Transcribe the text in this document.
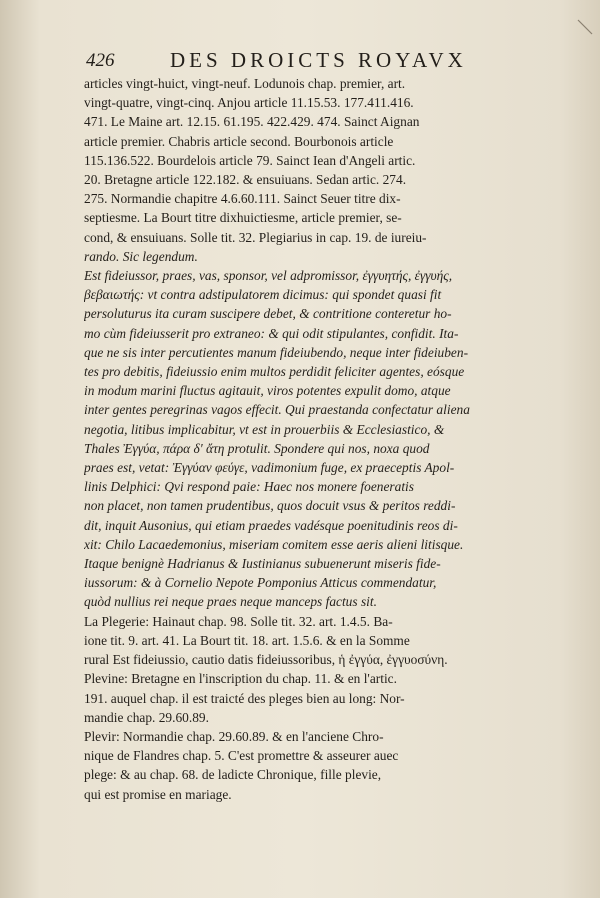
426	DES DROICTS ROYAVX
articles vingt-huict, vingt-neuf. Lodunois chap. premier, art.
vingt-quatre, vingt-cinq. Anjou article 11.15.53. 177.411.416.
471. Le Maine art. 12.15. 61.195. 422.429. 474. Sainct Aignan
article premier. Chabris article second. Bourbonois article
115.136.522. Bourdelois article 79. Sainct Iean d'Angeli artic.
20. Bretagne article 122.182. & ensuiuans. Sedan artic. 274.
275. Normandie chapitre 4.6.60.111. Sainct Seuer titre dix-
septiesme. La Bourt titre dixhuictiesme, article premier, se-
cond, & ensuiuans. Solle tit. 32. Plegiarius in cap. 19. de iureiu-
rando. Sic legendum.
Est fideiussor, praes, vas, sponsor, vel adpromissor, ἐγγυητής, ἐγγυής,
βεβαιωτής: vt contra adstipulatorem dicimus: qui spondet quasi fit
persoluturus ita curam suscipere debet, & contritione conteretur ho-
mo cùm fideiusserit pro extraneo: & qui odit stipulantes, confidit. Ita-
que ne sis inter percutientes manum fideiubendo, neque inter fideiuben-
tes pro debitis, fideiussio enim multos perdidit feliciter agentes, eósque
in modum marini fluctus agitauit, viros potentes expulit domo, atque
inter gentes peregrinas vagos effecit. Qui praestanda confectatur aliena
negotia, litibus implicabitur, vt est in prouerbiis & Ecclesiastico, &
Thales Ἐγγύα, πάρα δ' ἄτη protulit. Spondere qui nos, noxa quod
praes est, vetat: Ἐγγύαν φεύγε, vadimonium fuge, ex praeceptis Apol-
linis Delphici: Qvi respond paie: Haec nos monere foeneratis
non placet, non tamen prudentibus, quos docuit vsus & peritos reddi-
dit, inquit Ausonius, qui etiam praedes vadésque poenitudinis reos di-
xit: Chilo Lacaedemonius, miseriam comitem esse aeris alieni litisque.
Itaque benignè Hadrianus & Iustinianus subuenerunt miseris fide-
iussorum: & à Cornelio Nepote Pomponius Atticus commendatur,
quòd nullius rei neque praes neque manceps factus sit.
La Plegerie: Hainaut chap. 98. Solle tit. 32. art. 1.4.5. Ba-
ione tit. 9. art. 41. La Bourt tit. 18. art. 1.5.6. & en la Somme
rural Est fideiussio, cautio datis fideiussoribus, ἡ ἐγγύα, ἐγγυοσύνη.
Plevine: Bretagne en l'inscription du chap. 11. & en l'artic.
191. auquel chap. il est traicté des pleges bien au long: Nor-
mandie chap. 29.60.89.
Plevir: Normandie chap. 29.60.89. & en l'anciene Chro-
nique de Flandres chap. 5. C'est promettre & asseurer auec
plege: & au chap. 68. de ladicte Chronique, fille plevie,
qui est promise en mariage.
